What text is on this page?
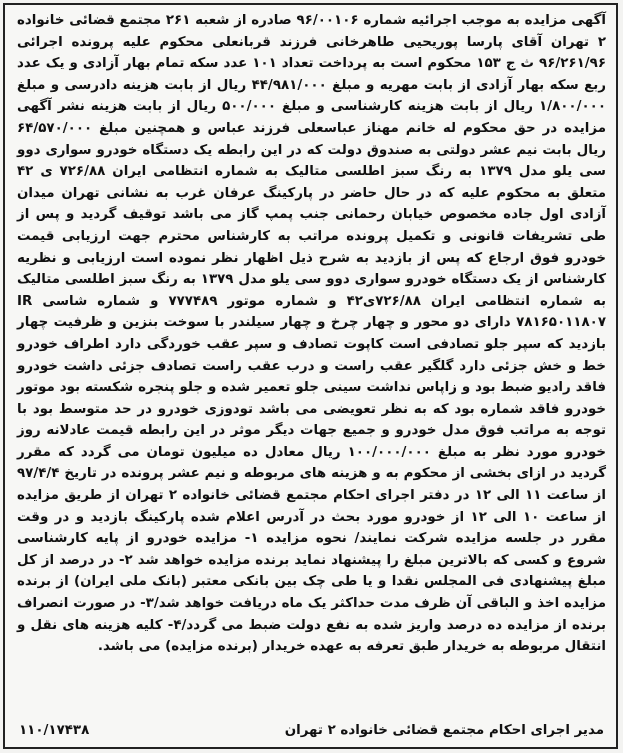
آگهی مزایده به موجب اجرائیه شماره ۹۶/۰۰۱۰۶ صادره از شعبه ۲۶۱ مجتمع قضائی خانواده ۲ تهران آقای پارسا پوریحیی طاهرخانی فرزند قربانعلی محکوم علیه پرونده اجرائی ۹۶/۲۶۱/۹۶ ث ج ۱۵۳ محکوم است به پرداخت تعداد ۱۰۱ عدد سکه تمام بهار آزادی و یک عدد ربع سکه بهار آزادی از بابت مهریه و مبلغ ۴۴/۹۸۱/۰۰۰ ریال از بابت هزینه دادرسی و مبلغ ۱/۸۰۰/۰۰۰ ریال از بابت هزینه کارشناسی و مبلغ ۵۰۰/۰۰۰ ریال از بابت هزینه نشر آگهی مزایده در حق محکوم له خانم مهناز عباسعلی فرزند عباس و همچنین مبلغ ۶۴/۵۷۰/۰۰۰ ریال بابت نیم عشر دولتی به صندوق دولت که در این رابطه یک دستگاه خودرو سواری دوو سی یلو مدل ۱۳۷۹ به رنگ سبز اطلسی متالیک به شماره انتظامی ایران ۷۲۶/۸۸ ی ۴۲ متعلق به محکوم علیه که در حال حاضر در پارکینگ عرفان غرب به نشانی تهران میدان آزادی اول جاده مخصوص خیابان رحمانی جنب پمپ گاز می باشد توقیف گردید و پس از طی تشریفات قانونی و تکمیل پرونده مراتب به کارشناس محترم جهت ارزیابی قیمت خودرو فوق ارجاع که پس از بازدید به شرح ذیل اظهار نظر نموده است ارزیابی و نظریه کارشناس از یک دستگاه خودرو سواری دوو سی یلو مدل ۱۳۷۹ به رنگ سبز اطلسی متالیک به شماره انتظامی ایران ۷۲۶/۸۸ی۴۲ و شماره موتور ۷۷۷۴۸۹ و شماره شاسی IR ۷۸۱۶۵۰۱۱۸۰۷ دارای دو محور و چهار چرخ و چهار سیلندر با سوخت بنزین و ظرفیت چهار بازدید که سپر جلو تصادفی است کاپوت تصادف و سپر عقب خوردگی دارد اطراف خودرو خط و خش جزئی دارد گلگیر عقب راست و درب عقب راست تصادف جزئی داشت خودرو فاقد رادیو ضبط بود و زاپاس نداشت سینی جلو تعمیر شده و جلو پنجره شکسته بود موتور خودرو فاقد شماره بود که به نظر تعویضی می باشد تودوزی خودرو در حد متوسط بود با توجه به مراتب فوق مدل خودرو و جمیع جهات دیگر موثر در این رابطه قیمت عادلانه روز خودرو مورد نظر به مبلغ ۱۰۰/۰۰۰/۰۰۰ ریال معادل ده میلیون تومان می گردد که مقرر گردید در ازای بخشی از محکوم به و هزینه های مربوطه و نیم عشر پرونده در تاریخ ۹۷/۴/۴ از ساعت ۱۱ الی ۱۲ در دفتر اجرای احکام مجتمع قضائی خانواده ۲ تهران از طریق مزایده از ساعت ۱۰ الی ۱۲ از خودرو مورد بحث در آدرس اعلام شده پارکینگ بازدید و در وقت مقرر در جلسه مزایده شرکت نمایند/ نحوه مزایده ۱- مزایده خودرو از پایه کارشناسی شروع و کسی که بالاترین مبلغ را پیشنهاد نماید برنده مزایده خواهد شد ۲- در درصد از کل مبلغ پیشنهادی فی المجلس نقدا و یا طی چک بین بانکی معتبر (بانک ملی ایران) از برنده مزایده اخذ و الباقی آن ظرف مدت حداکثر یک ماه دریافت خواهد شد/۳- در صورت انصراف برنده از مزایده ده درصد واریز شده به نفع دولت ضبط می گردد/۴- کلیه هزینه های نقل و انتقال مربوطه به خریدار طبق تعرفه به عهده خریدار (برنده مزایده) می باشد.
مدیر اجرای احکام مجتمع قضائی خانواده ۲ تهران
۱۱۰/۱۷۴۳۸
